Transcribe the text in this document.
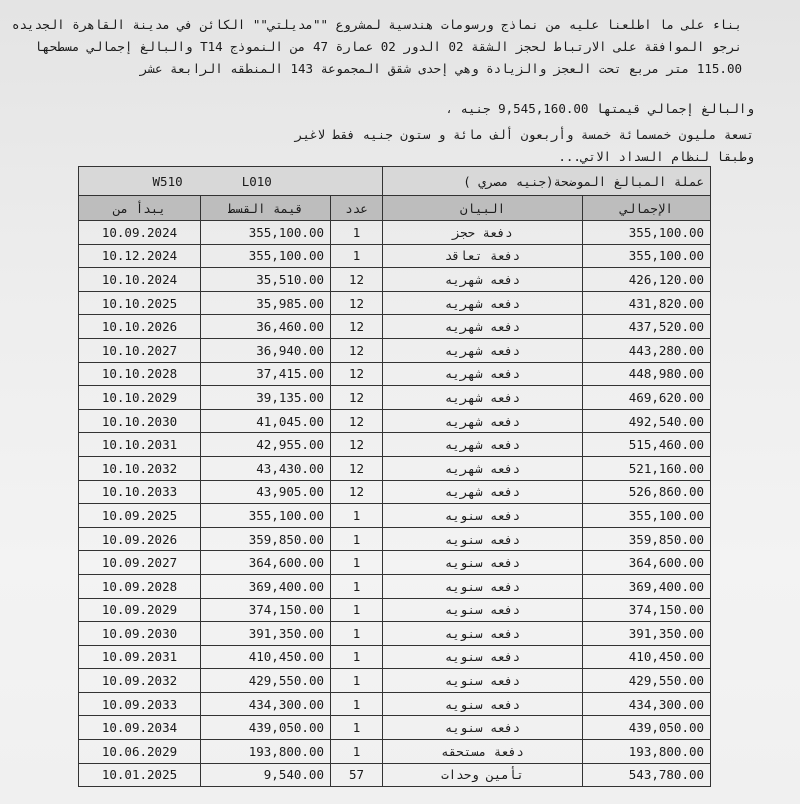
بناء على ما اطلعنا عليه من نماذج ورسومات هندسية لمشروع ""مديلتي"" الكائن في مدينة القاهرة الجديده
نرجو الموافقة على الارتباط لحجز الشقة 02 الدور 02 عمارة 47 من النموذج T14 والبالغ إجمالي مسطحها
115.00 متر مربع تحت العجز والزيادة وهي إحدى شقق المجموعة 143 المنطقه الرابعة عشر
والبالغ إجمالي قيمتها 9,545,160.00 جنيه ،
تسعة مليون خمسمائة خمسة وأربعون ألف مائة و ستون جنيه فقط لاغير
وطبقا لنظام السداد الاتي...
W510 L010			عملة المبالغ الموضحة(جنيه مصري )	
يبدأ من	قيمة القسط	عدد	البيان	الإجمالي
10.09.2024	355,100.00	1	دفعة حجز	355,100.00
10.12.2024	355,100.00	1	دفعة تعاقد	355,100.00
10.10.2024	35,510.00	12	دفعه شهريه	426,120.00
10.10.2025	35,985.00	12	دفعه شهريه	431,820.00
10.10.2026	36,460.00	12	دفعه شهريه	437,520.00
10.10.2027	36,940.00	12	دفعه شهريه	443,280.00
10.10.2028	37,415.00	12	دفعه شهريه	448,980.00
10.10.2029	39,135.00	12	دفعه شهريه	469,620.00
10.10.2030	41,045.00	12	دفعه شهريه	492,540.00
10.10.2031	42,955.00	12	دفعه شهريه	515,460.00
10.10.2032	43,430.00	12	دفعه شهريه	521,160.00
10.10.2033	43,905.00	12	دفعه شهريه	526,860.00
10.09.2025	355,100.00	1	دفعه سنويه	355,100.00
10.09.2026	359,850.00	1	دفعه سنويه	359,850.00
10.09.2027	364,600.00	1	دفعه سنويه	364,600.00
10.09.2028	369,400.00	1	دفعه سنويه	369,400.00
10.09.2029	374,150.00	1	دفعه سنويه	374,150.00
10.09.2030	391,350.00	1	دفعه سنويه	391,350.00
10.09.2031	410,450.00	1	دفعه سنويه	410,450.00
10.09.2032	429,550.00	1	دفعه سنويه	429,550.00
10.09.2033	434,300.00	1	دفعه سنويه	434,300.00
10.09.2034	439,050.00	1	دفعه سنويه	439,050.00
10.06.2029	193,800.00	1	دفعة مستحقه	193,800.00
10.01.2025	9,540.00	57	تأمين وحدات	543,780.00
